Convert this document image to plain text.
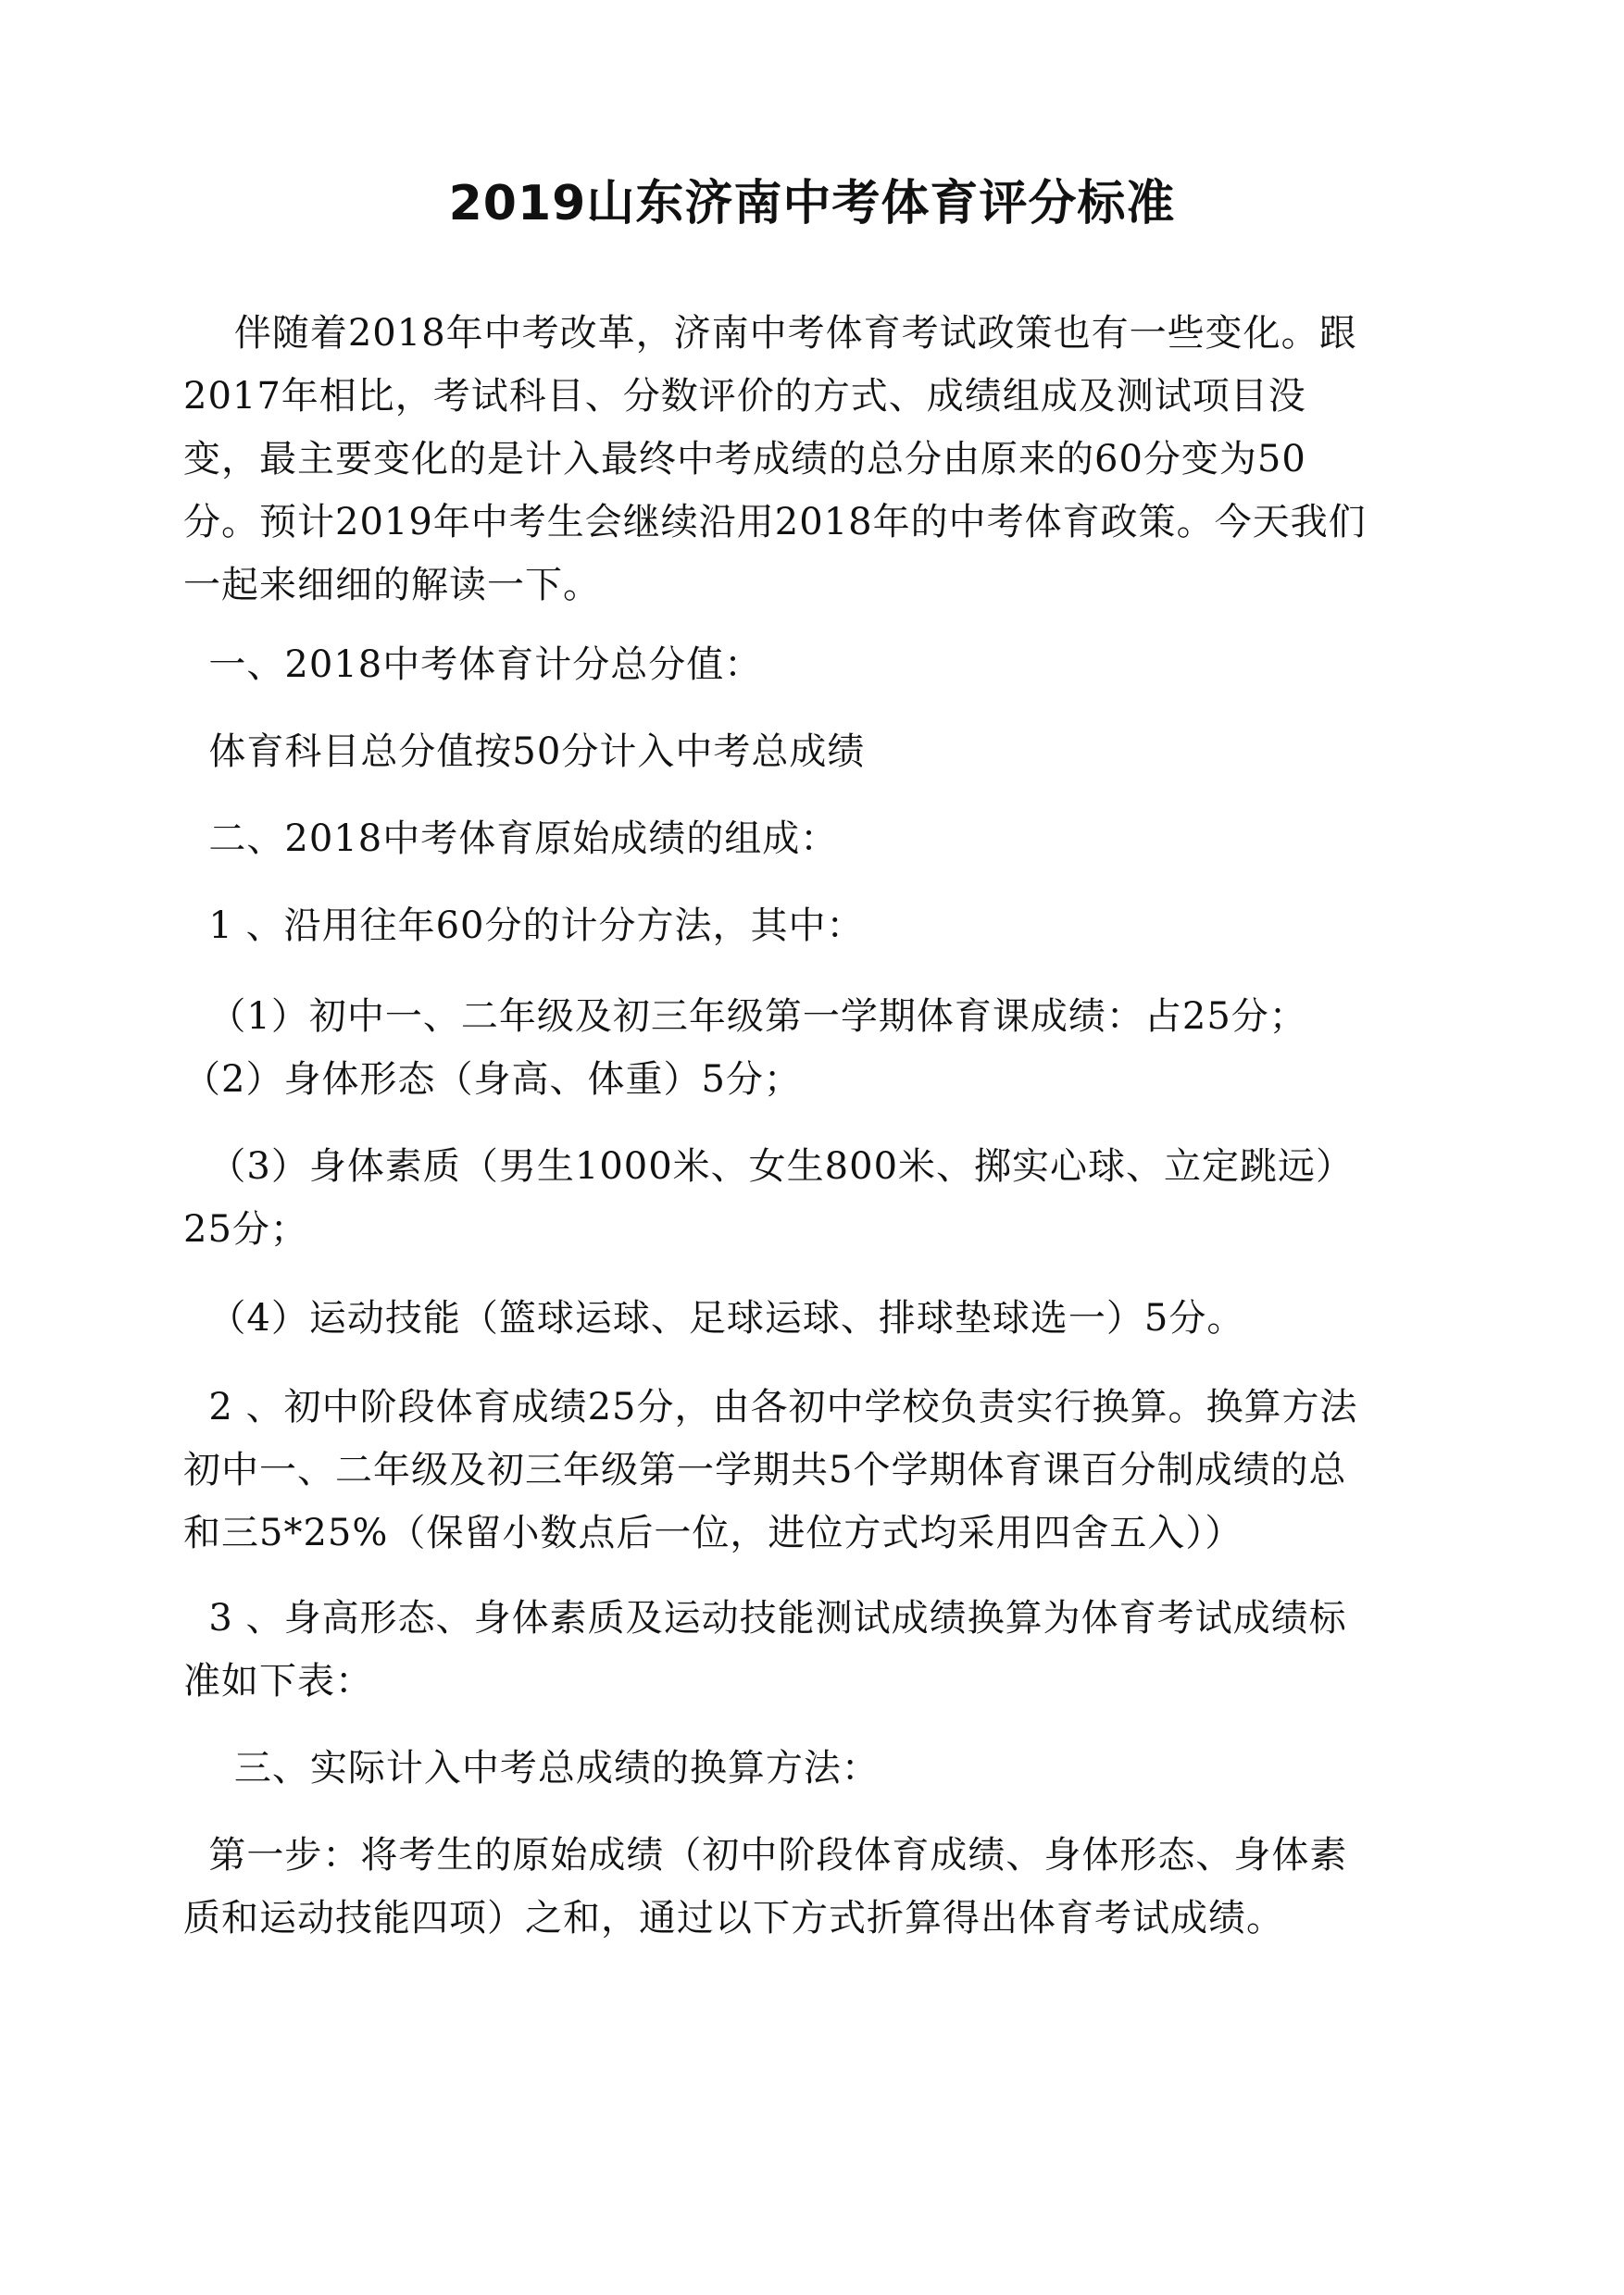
2019山东济南中考体育评分标准

伴随着2018年中考改革，济南中考体育考试政策也有一些变化。跟
2017年相比，考试科目、分数评价的方式、成绩组成及测试项目没
变，最主要变化的是计入最终中考成绩的总分由原来的60分变为50
分。预计2019年中考生会继续沿用2018年的中考体育政策。今天我们
一起来细细的解读一下。

一、2018中考体育计分总分值：

体育科目总分值按50分计入中考总成绩

二、2018中考体育原始成绩的组成：

1 、沿用往年60分的计分方法，其中：

（1）初中一、二年级及初三年级第一学期体育课成绩：占25分；
（2）身体形态（身高、体重）5分；

（3）身体素质（男生1000米、女生800米、掷实心球、立定跳远）
25分；

（4）运动技能（篮球运球、足球运球、排球垫球选一）5分。

2 、初中阶段体育成绩25分，由各初中学校负责实行换算。换算方法
初中一、二年级及初三年级第一学期共5个学期体育课百分制成绩的总
和三5*25%（保留小数点后一位，进位方式均采用四舍五入））

3 、身高形态、身体素质及运动技能测试成绩换算为体育考试成绩标
准如下表：

三、实际计入中考总成绩的换算方法：

第一步：将考生的原始成绩（初中阶段体育成绩、身体形态、身体素
质和运动技能四项）之和，通过以下方式折算得出体育考试成绩。
